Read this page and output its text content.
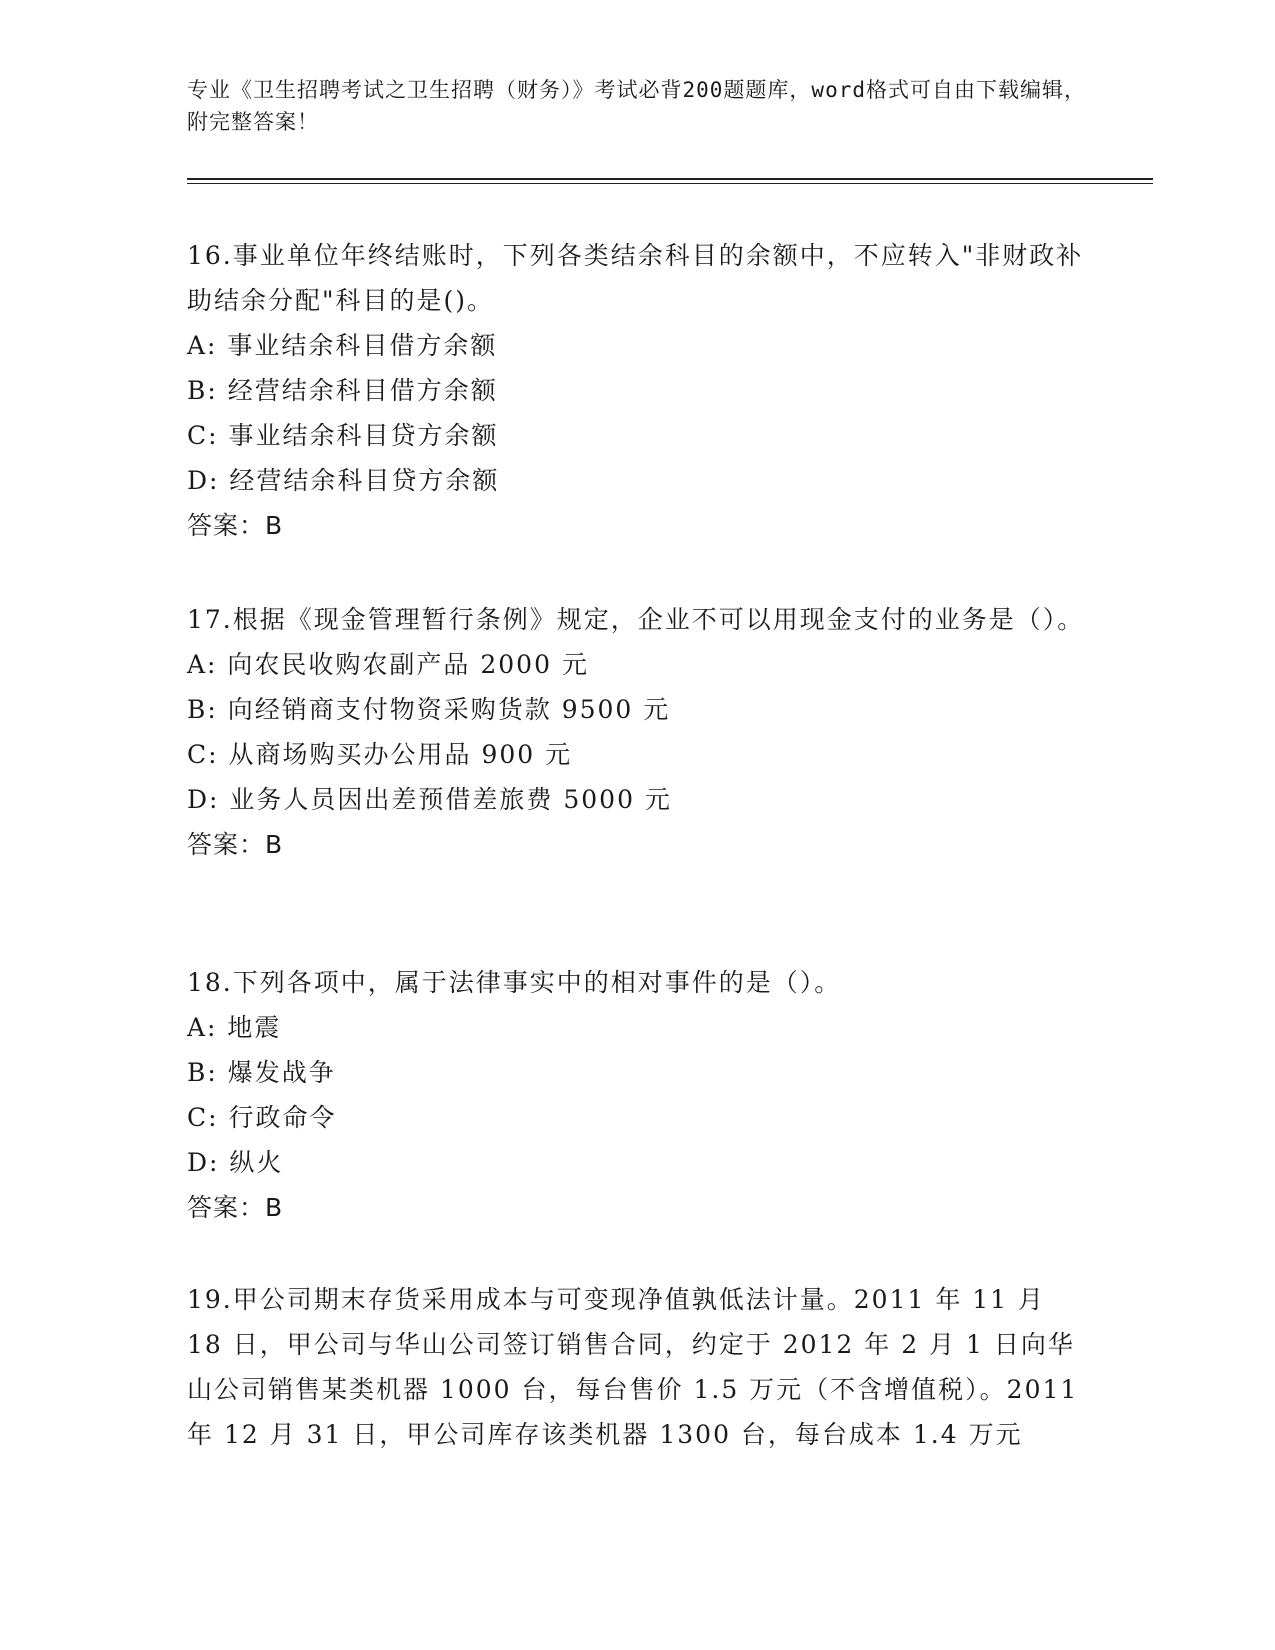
专业《卫生招聘考试之卫生招聘（财务）》考试必背200题题库，word格式可自由下载编辑，附完整答案！
16.事业单位年终结账时，下列各类结余科目的余额中，不应转入"非财政补助结余分配"科目的是()。
A: 事业结余科目借方余额
B: 经营结余科目借方余额
C: 事业结余科目贷方余额
D: 经营结余科目贷方余额
答案：B
17.根据《现金管理暂行条例》规定，企业不可以用现金支付的业务是（）。
A: 向农民收购农副产品 2000 元
B: 向经销商支付物资采购货款 9500 元
C: 从商场购买办公用品 900 元
D: 业务人员因出差预借差旅费 5000 元
答案：B
18.下列各项中，属于法律事实中的相对事件的是（）。
A: 地震
B: 爆发战争
C: 行政命令
D: 纵火
答案：B
19.甲公司期末存货采用成本与可变现净值孰低法计量。2011 年 11 月 18 日，甲公司与华山公司签订销售合同，约定于 2012 年 2 月 1 日向华山公司销售某类机器 1000 台，每台售价 1.5 万元（不含增值税）。2011 年 12 月 31 日，甲公司库存该类机器 1300 台，每台成本 1.4 万元
